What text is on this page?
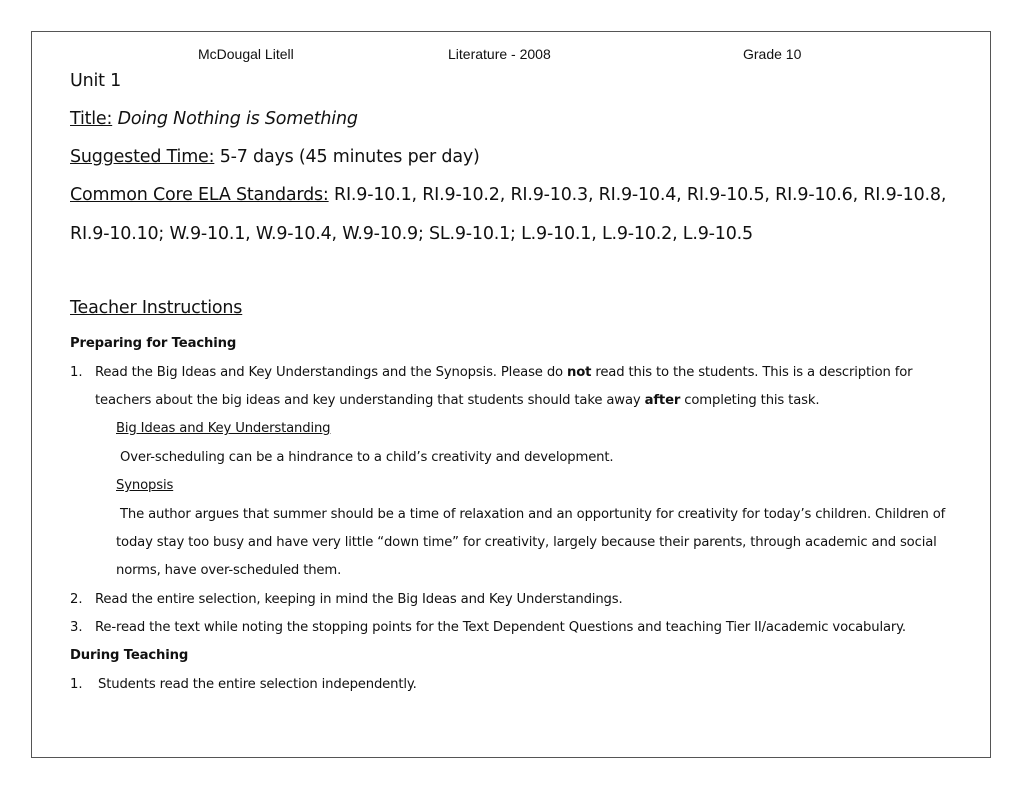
McDougal Litell	Literature - 2008	Grade 10
Unit 1
Title: Doing Nothing is Something
Suggested Time: 5-7 days (45 minutes per day)
Common Core ELA Standards: RI.9-10.1, RI.9-10.2, RI.9-10.3, RI.9-10.4, RI.9-10.5, RI.9-10.6, RI.9-10.8,
RI.9-10.10; W.9-10.1, W.9-10.4, W.9-10.9; SL.9-10.1; L.9-10.1, L.9-10.2, L.9-10.5
Teacher Instructions
Preparing for Teaching
1. Read the Big Ideas and Key Understandings and the Synopsis. Please do not read this to the students. This is a description for
teachers about the big ideas and key understanding that students should take away after completing this task.
Big Ideas and Key Understanding
Over-scheduling can be a hindrance to a child’s creativity and development.
Synopsis
The author argues that summer should be a time of relaxation and an opportunity for creativity for today’s children. Children of
today stay too busy and have very little “down time” for creativity, largely because their parents, through academic and social
norms, have over-scheduled them.
2. Read the entire selection, keeping in mind the Big Ideas and Key Understandings.
3. Re-read the text while noting the stopping points for the Text Dependent Questions and teaching Tier II/academic vocabulary.
During Teaching
1. Students read the entire selection independently.
